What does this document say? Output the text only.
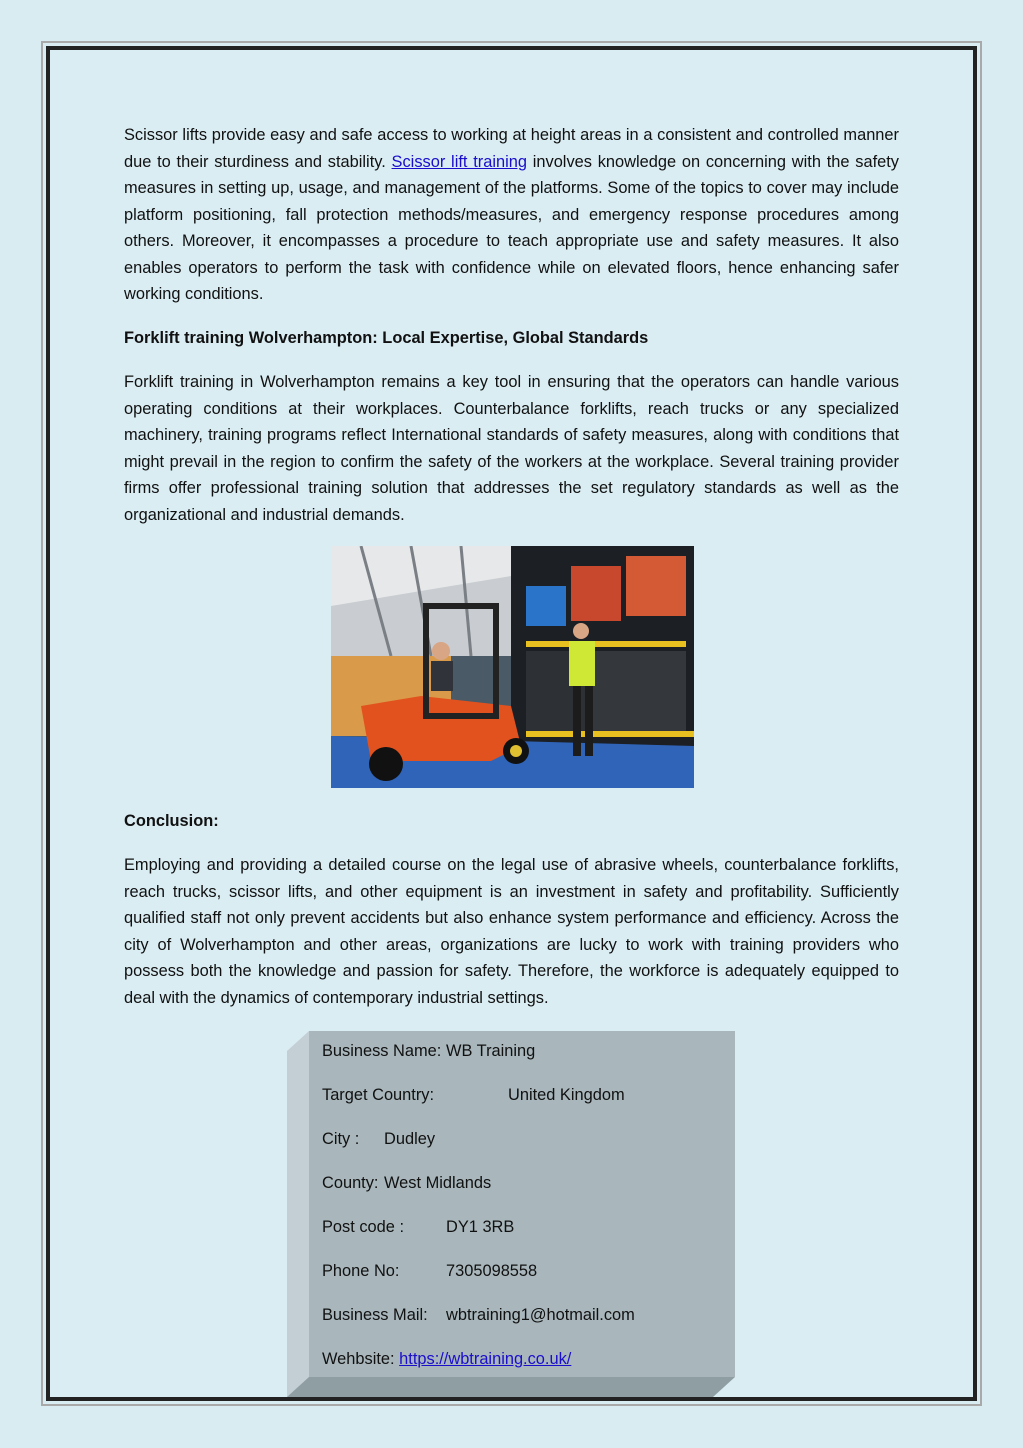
Scissor lifts provide easy and safe access to working at height areas in a consistent and controlled manner due to their sturdiness and stability. Scissor lift training involves knowledge on concerning with the safety measures in setting up, usage, and management of the platforms. Some of the topics to cover may include platform positioning, fall protection methods/measures, and emergency response procedures among others. Moreover, it encompasses a procedure to teach appropriate use and safety measures. It also enables operators to perform the task with confidence while on elevated floors, hence enhancing safer working conditions.

Forklift training Wolverhampton: Local Expertise, Global Standards

Forklift training in Wolverhampton remains a key tool in ensuring that the operators can handle various operating conditions at their workplaces. Counterbalance forklifts, reach trucks or any specialized machinery, training programs reflect International standards of safety measures, along with conditions that might prevail in the region to confirm the safety of the workers at the workplace. Several training provider firms offer professional training solution that addresses the set regulatory standards as well as the organizational and industrial demands.

Conclusion:

Employing and providing a detailed course on the legal use of abrasive wheels, counterbalance forklifts, reach trucks, scissor lifts, and other equipment is an investment in safety and profitability. Sufficiently qualified staff not only prevent accidents but also enhance system performance and efficiency. Across the city of Wolverhampton and other areas, organizations are lucky to work with training providers who possess both the knowledge and passion for safety. Therefore, the workforce is adequately equipped to deal with the dynamics of contemporary industrial settings.

Business Name: WB Training
Target Country:	United Kingdom
City : Dudley
County: West Midlands
Post code :	DY1 3RB
Phone No:	7305098558
Business Mail: wbtraining1@hotmail.com
Wehbsite: https://wbtraining.co.uk/
